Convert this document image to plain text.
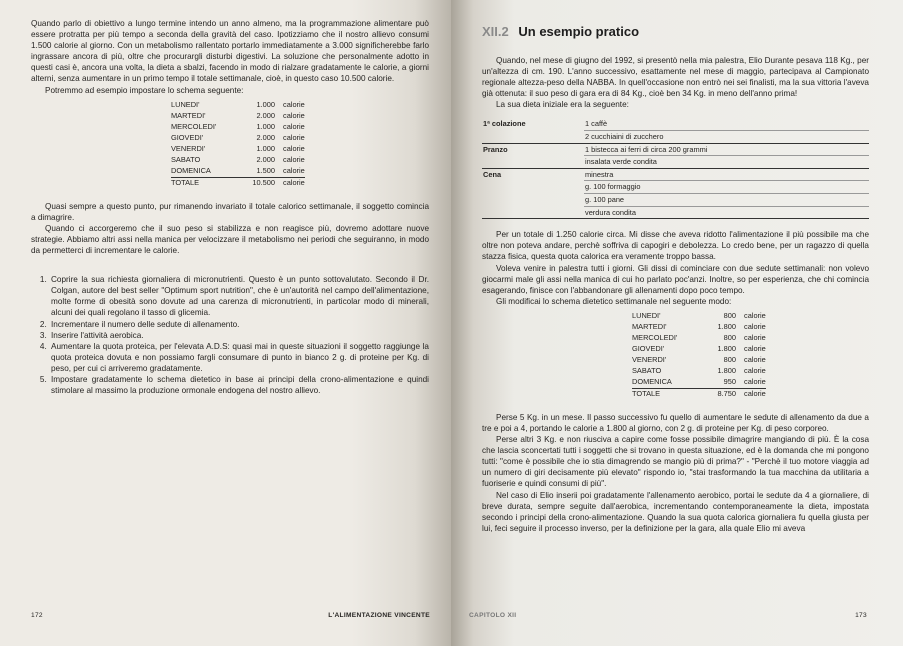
Quando parlo di obiettivo a lungo termine intendo un anno almeno, ma la programmazione alimentare può essere protratta per più tempo a seconda della gravità del caso. Ipotizziamo che il nostro allievo consumi 1.500 calorie al giorno. Con un metabolismo rallentato portarlo immediatamente a 3.000 significherebbe farlo ingrassare ancora di più, oltre che procurargli disturbi digestivi. La soluzione che personalmente adotto in questi casi è, ancora una volta, la dieta a sbalzi, facendo in modo di rialzare gradatamente le calorie, a giorni alterni, senza aumentare in un primo tempo il totale settimanale, cioè, in questo caso 10.500 calorie.

Potremmo ad esempio impostare lo schema seguente:

LUNEDI'	1.000	calorie
MARTEDI'	2.000	calorie
MERCOLEDI'	1.000	calorie
GIOVEDI'	2.000	calorie
VENERDI'	1.000	calorie
SABATO	2.000	calorie
DOMENICA	1.500	calorie
TOTALE	10.500	calorie

Quasi sempre a questo punto, pur rimanendo invariato il totale calorico settimanale, il soggetto comincia a dimagrire.

Quando ci accorgeremo che il suo peso si stabilizza e non reagisce più, dovremo adottare nuove strategie. Abbiamo altri assi nella manica per velocizzare il metabolismo nei periodi che seguiranno, in modo da permetterci di incrementare le calorie.

1. Coprire la sua richiesta giornaliera di micronutrienti. Questo è un punto sottovalutato. Secondo il Dr. Colgan, autore del best seller "Optimum sport nutrition", che è un'autorità nel campo dell'alimentazione, molte forme di obesità sono dovute ad una carenza di micronutrienti, in particolar modo di minerali, alcuni dei quali regolano il tasso di glicemia.
2. Incrementare il numero delle sedute di allenamento.
3. Inserire l'attività aerobica.
4. Aumentare la quota proteica, per l'elevata A.D.S: quasi mai in queste situazioni il soggetto raggiunge la quota proteica dovuta e non possiamo fargli consumare di punto in bianco 2 g. di proteine per Kg. di peso, per cui ci arriveremo gradatamente.
5. Impostare gradatamente lo schema dietetico in base ai principi della crono-alimentazione e quindi stimolare al massimo la produzione ormonale endogena del nostro allievo.
172	L'ALIMENTAZIONE VINCENTE
XII.2 Un esempio pratico

Quando, nel mese di giugno del 1992, si presentò nella mia palestra, Elio Durante pesava 118 Kg., per un'altezza di cm. 190. L'anno successivo, esattamente nel mese di maggio, partecipava al Campionato regionale altezza-peso della NABBA. In quell'occasione non entrò nei sei finalisti, ma la sua vittoria l'aveva già ottenuta: il suo peso di gara era di 84 Kg., cioè ben 34 Kg. in meno dell'anno prima!

La sua dieta iniziale era la seguente:

1ª colazione	1 caffè
	2 cucchiaini di zucchero
Pranzo	1 bistecca ai ferri di circa 200 grammi
	insalata verde condita
Cena	minestra
	g. 100 formaggio
	g. 100 pane
	verdura condita

Per un totale di 1.250 calorie circa. Mi disse che aveva ridotto l'alimentazione il più possibile ma che oltre non poteva andare, perchè soffriva di capogiri e debolezza. Lo credo bene, per un ragazzo di quella stazza fisica, questa quota calorica era veramente troppo bassa.

Voleva venire in palestra tutti i giorni. Gli dissi di cominciare con due sedute settimanali: non volevo giocarmi male gli assi nella manica di cui ho parlato poc'anzi. Inoltre, so per esperienza, che chi comincia esagerando, finisce con l'abbandonare gli allenamenti dopo poco tempo.

Gli modificai lo schema dietetico settimanale nel seguente modo:

LUNEDI'	800	calorie
MARTEDI'	1.800	calorie
MERCOLEDI'	800	calorie
GIOVEDI'	1.800	calorie
VENERDI'	800	calorie
SABATO	1.800	calorie
DOMENICA	950	calorie
TOTALE	8.750	calorie

Perse 5 Kg. in un mese. Il passo successivo fu quello di aumentare le sedute di allenamento da due a tre e poi a 4, portando le calorie a 1.800 al giorno, con 2 g. di proteine per Kg. di peso corporeo.

Perse altri 3 Kg. e non riusciva a capire come fosse possibile dimagrire mangiando di più. È la cosa che lascia sconcertati tutti i soggetti che si trovano in questa situazione, ed è la domanda che mi pongono tutti: "come è possibile che io stia dimagrendo se mangio più di prima?" - "Perchè il tuo motore viaggia ad un numero di giri decisamente più elevato" rispondo io, "stai trasformando la tua macchina da utilitaria a fuoriserie e quindi consumi di più".

Nel caso di Elio inserii poi gradatamente l'allenamento aerobico, portai le sedute da 4 a giornaliere, di breve durata, sempre seguite dall'aerobica, incrementando contemporaneamente la dieta, impostata secondo i principi della crono-alimentazione. Quando la sua quota calorica giornaliera fu quella giusta per lui, feci seguire il processo inverso, per la definizione per la gara, alla quale Elio mi aveva

CAPITOLO XII	173
